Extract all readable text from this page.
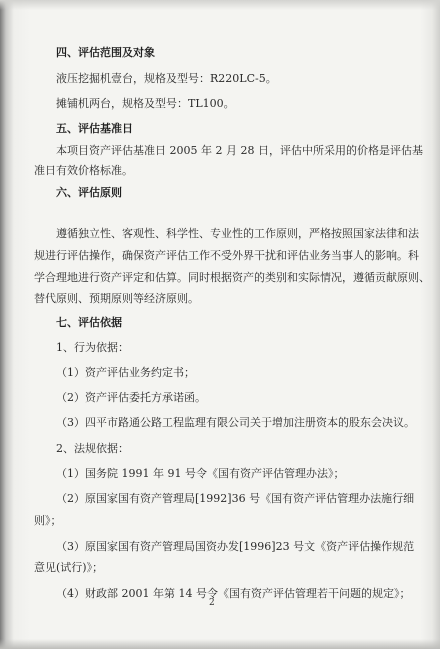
四、评估范围及对象
液压挖掘机壹台，规格及型号：R220LC-5。
摊铺机两台，规格及型号：TL100。
五、评估基准日
本项目资产评估基准日 2005 年 2 月 28 日，评估中所采用的价格是评估基
准日有效价格标准。
六、评估原则
遵循独立性、客观性、科学性、专业性的工作原则，严格按照国家法律和法
规进行评估操作，确保资产评估工作不受外界干扰和评估业务当事人的影响。科
学合理地进行资产评定和估算。同时根据资产的类别和实际情况，遵循贡献原则、
替代原则、预期原则等经济原则。
七、评估依据
1、行为依据：
（1）资产评估业务约定书；
（2）资产评估委托方承诺函。
（3）四平市路通公路工程监理有限公司关于增加注册资本的股东会决议。
2、法规依据：
（1）国务院 1991 年 91 号令《国有资产评估管理办法》；
（2）原国家国有资产管理局[1992]36 号《国有资产评估管理办法施行细
则》；
（3）原国家国有资产管理局国资办发[1996]23 号文《资产评估操作规范
意见(试行)》；
（4）财政部 2001 年第 14 号令《国有资产评估管理若干问题的规定》；
2
